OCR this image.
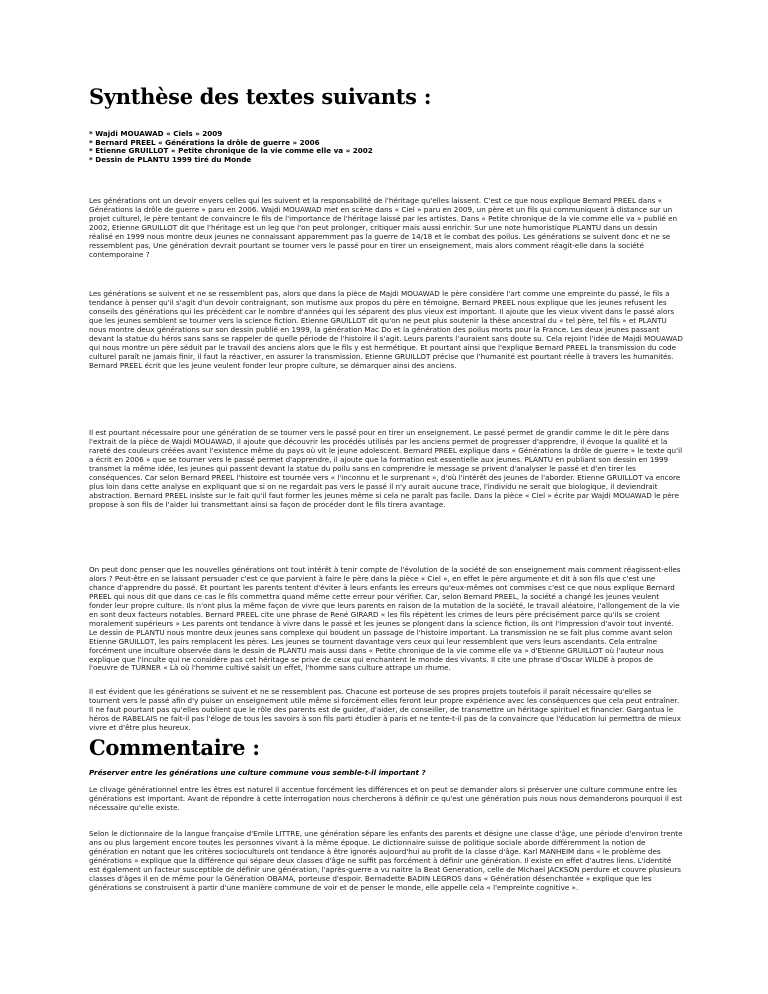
Synthèse des textes suivants :
* Wajdi MOUAWAD « Ciels » 2009
* Bernard PREEL « Générations la drôle de guerre » 2006
* Etienne GRUILLOT « Petite chronique de la vie comme elle va » 2002
* Dessin de PLANTU 1999 tiré du Monde

Les générations ont un devoir envers celles qui les suivent et la responsabilité de l'héritage qu'elles laissent. C'est ce que nous explique Bernard PREEL dans « Générations la drôle de guerre » paru en 2006. Wajdi MOUAWAD met en scène dans « Ciel » paru en 2009, un père et un fils qui communiquent à distance sur un projet culturel, le père tentant de convaincre le fils de l'importance de l'héritage laissé par les artistes. Dans « Petite chronique de la vie comme elle va » publié en 2002, Etienne GRUILLOT dit que l'héritage est un leg que l'on peut prolonger, critiquer mais aussi enrichir. Sur une note humoristique PLANTU dans un dessin réalisé en 1999 nous montre deux jeunes ne connaissant apparemment pas la guerre de 14/18 et le combat des poilus. Les générations se suivent donc et ne se ressemblent pas, Une génération devrait pourtant se tourner vers le passé pour en tirer un enseignement, mais alors comment réagit-elle dans la société contemporaine ?

Les générations se suivent et ne se ressemblent pas, alors que dans la pièce de Majdi MOUAWAD le père considère l'art comme une empreinte du passé, le fils a tendance à penser qu'il s'agit d'un devoir contraignant, son mutisme aux propos du père en témoigne. Bernard PREEL nous explique que les jeunes refusent les conseils des générations qui les précèdent car le nombre d'années qui les séparent des plus vieux est important. Il ajoute que les vieux vivent dans le passé alors que les jeunes semblent se tourner vers la science fiction. Etienne GRUILLOT dit qu'on ne peut plus soutenir la thèse ancestral du « tel père, tel fils » et PLANTU nous montre deux générations sur son dessin publié en 1999, la génération Mac Do et la génération des poilus morts pour la France. Les deux jeunes passant devant la statue du héros sans sans se rappeler de quelle période de l'histoire il s'agit. Leurs parents l'auraient sans doute su. Cela rejoint l'idée de Majdi MOUAWAD qui nous montre un père séduit par le travail des anciens alors que le fils y est hermétique. Et pourtant ainsi que l'explique Bernard PREEL la transmission du code culturel paraît ne jamais finir, il faut la réactiver, en assurer la transmission. Etienne GRUILLOT précise que l'humanité est pourtant réelle à travers les humanités. Bernard PREEL écrit que les jeune veulent fonder leur propre culture, se démarquer ainsi des anciens.

Il est pourtant nécessaire pour une génération de se tourner vers le passé pour en tirer un enseignement. Le passé permet de grandir comme le dit le père dans l'extrait de la pièce de Wajdi MOUAWAD, il ajoute que découvrir les procédés utilisés par les anciens permet de progresser d'apprendre, il évoque la qualité et la rareté des couleurs créées avant l'existence même du pays où vit le jeune adolescent. Bernard PREEL explique dans « Générations la drôle de guerre » le texte qu'il a écrit en 2006 » que se tourner vers le passé permet d'apprendre, il ajoute que la formation est essentielle aux jeunes. PLANTU en publiant son dessin en 1999 transmet la même idée, les jeunes qui passent devant la statue du poilu sans en comprendre le message se privent d'analyser le passé et d'en tirer les conséquences. Car selon Bernard PREEL l'histoire est tournée vers « l'inconnu et le surprenant », d'où l'intérêt des jeunes de l'aborder. Etienne GRUILLOT va encore plus loin dans cette analyse en expliquant que si on ne regardait pas vers le passé il n'y aurait aucune trace, l'individu ne serait que biologique, il deviendrait abstraction. Bernard PREEL insiste sur le fait qu'il faut former les jeunes même si cela ne paraît pas facile. Dans la pièce « Ciel » écrite par Wajdi MOUAWAD le père propose à son fils de l'aider lui transmettant ainsi sa façon de procéder dont le fils tirera avantage.

On peut donc penser que les nouvelles générations ont tout intérêt à tenir compte de l'évolution de la société de son enseignement mais comment réagissent-elles alors ? Peut-être en se laissant persuader c'est ce que parvient à faire le père dans la pièce « Ciel », en effet le père argumente et dit à son fils que c'est une chance d'apprendre du passé. Et pourtant les parents tentent d'éviter à leurs enfants les erreurs qu'eux-mêmes ont commises c'est ce que nous explique Bernard PREEL qui nous dit que dans ce cas le fils commettra quand même cette erreur pour vérifier. Car, selon Bernard PREEL, la société a changé les jeunes veulent fonder leur propre culture. Ils n'ont plus la même façon de vivre que leurs parents en raison de la mutation de la société, le travail aléatoire, l'allongement de la vie en sont deux facteurs notables. Bernard PREEL cite une phrase de René GIRARD « les fils répètent les crimes de leurs père précisément parce qu'ils se croient moralement supérieurs » Les parents ont tendance à vivre dans le passé et les jeunes se plongent dans la science fiction, ils ont l'impression d'avoir tout inventé. Le dessin de PLANTU nous montre deux jeunes sans complexe qui boudent un passage de l'histoire important. La transmission ne se fait plus comme avant selon Etienne GRUILLOT, les pairs remplacent les pères. Les jeunes se tournent davantage vers ceux qui leur ressemblent que vers leurs ascendants. Cela entraîne forcément une inculture observée dans le dessin de PLANTU mais aussi dans « Petite chronique de la vie comme elle va » d'Etienne GRUILLOT où l'auteur nous explique que l'inculte qui ne considère pas cet héritage se prive de ceux qui enchantent le monde des vivants. Il cite une phrase d'Oscar WILDE à propos de l'oeuvre de TURNER « Là où l'homme cultivé saisit un effet, l'homme sans culture attrape un rhume.

Il est évident que les générations se suivent et ne se ressemblent pas. Chacune est porteuse de ses propres projets toutefois il paraît nécessaire qu'elles se tournent vers le passé afin d'y puiser un enseignement utile même si forcément elles feront leur propre expérience avec les conséquences que cela peut entraîner. Il ne faut pourtant pas qu'elles oublient que le rôle des parents est de guider, d'aider, de conseiller, de transmettre un héritage spirituel et financier. Gargantua le héros de RABELAIS ne fait-il pas l'éloge de tous les savoirs à son fils parti étudier à paris et ne tente-t-il pas de la convaincre que l'éducation lui permettra de mieux vivre et d'être plus heureux.

Commentaire :

Préserver entre les générations une culture commune vous semble-t-il important ?

Le clivage générationnel entre les êtres est naturel il accentue forcément les différences et on peut se demander alors si préserver une culture commune entre les générations est important. Avant de répondre à cette interrogation nous chercherons à définir ce qu'est une génération puis nous nous demanderons pourquoi il est nécessaire qu'elle existe.

Selon le dictionnaire de la langue française d'Emile LITTRE, une génération sépare les enfants des parents et désigne une classe d'âge, une période d'environ trente ans ou plus largement encore toutes les personnes vivant à la même époque. Le dictionnaire suisse de politique sociale aborde différemment la notion de génération en notant que les critères socioculturels ont tendance à être ignorés aujourd'hui au profit de la classe d'âge. Karl MANHEIM dans « le problème des générations » explique que la différence qui sépare deux classes d'âge ne suffit pas forcément à définir une génération. Il existe en effet d'autres liens. L'identité est également un facteur susceptible de définir une génération, l'après-guerre a vu naitre la Beat Generation, celle de Michael JACKSON perdure et couvre plusieurs classes d'âges il en de même pour la Génération OBAMA, porteuse d'espoir. Bernadette BADIN LEGROS dans « Génération désenchantée » explique que les générations se construisent à partir d'une manière commune de voir et de penser le monde, elle appelle cela « l'empreinte cognitive ».
